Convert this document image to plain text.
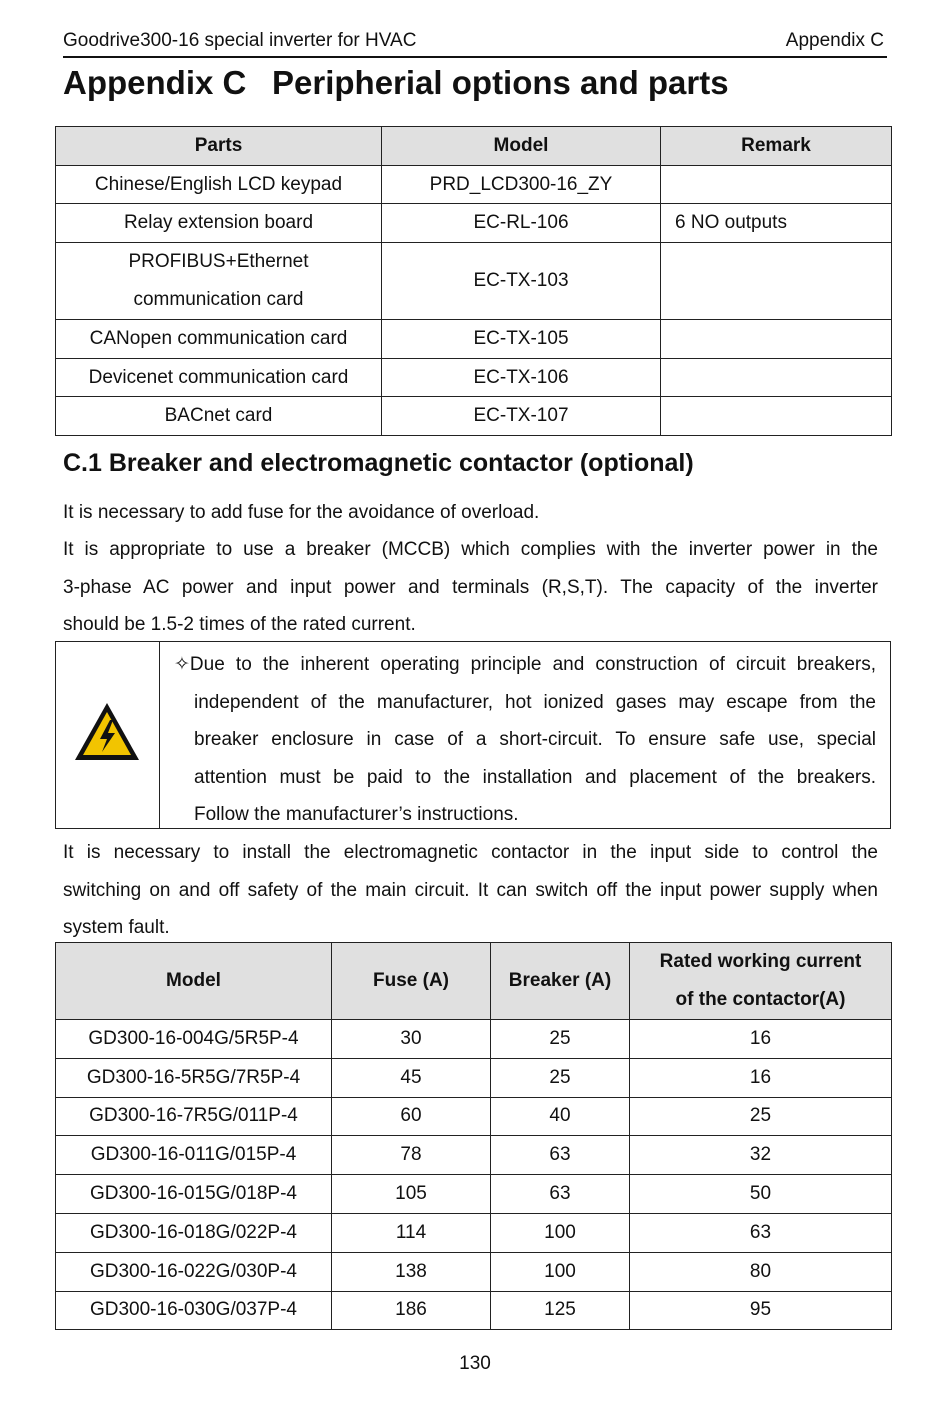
Goodrive300-16 special inverter for HVAC	Appendix C
Appendix C  Peripherial options and parts
Parts	Model	Remark
Chinese/English LCD keypad	PRD_LCD300-16_ZY	
Relay extension board	EC-RL-106	6 NO outputs

PROFIBUS+Ethernet
communication card	EC-TX-103	
CANopen communication card	EC-TX-105	
Devicenet communication card	EC-TX-106	
BACnet card	EC-TX-107	
C.1 Breaker and electromagnetic contactor (optional)

It is necessary to add fuse for the avoidance of overload.

It is appropriate to use a breaker (MCCB) which complies with the inverter power in the
3-phase AC power and input power and terminals (R,S,T). The capacity of the inverter
should be 1.5-2 times of the rated current.
✧Due to the inherent operating principle and construction of circuit breakers,
independent of the manufacturer, hot ionized gases may escape from the
breaker enclosure in case of a short-circuit. To ensure safe use, special
attention must be paid to the installation and placement of the breakers.
Follow the manufacturer’s instructions.
It is necessary to install the electromagnetic contactor in the input side to control the
switching on and off safety of the main circuit. It can switch off the input power supply when
system fault.
Model	Fuse (A)	Breaker (A)	Rated working current
of the contactor(A)

GD300-16-004G/5R5P-4	30	25	16
GD300-16-5R5G/7R5P-4	45	25	16
GD300-16-7R5G/011P-4	60	40	25
GD300-16-011G/015P-4	78	63	32
GD300-16-015G/018P-4	105	63	50
GD300-16-018G/022P-4	114	100	63
GD300-16-022G/030P-4	138	100	80
GD300-16-030G/037P-4	186	125	95
130
